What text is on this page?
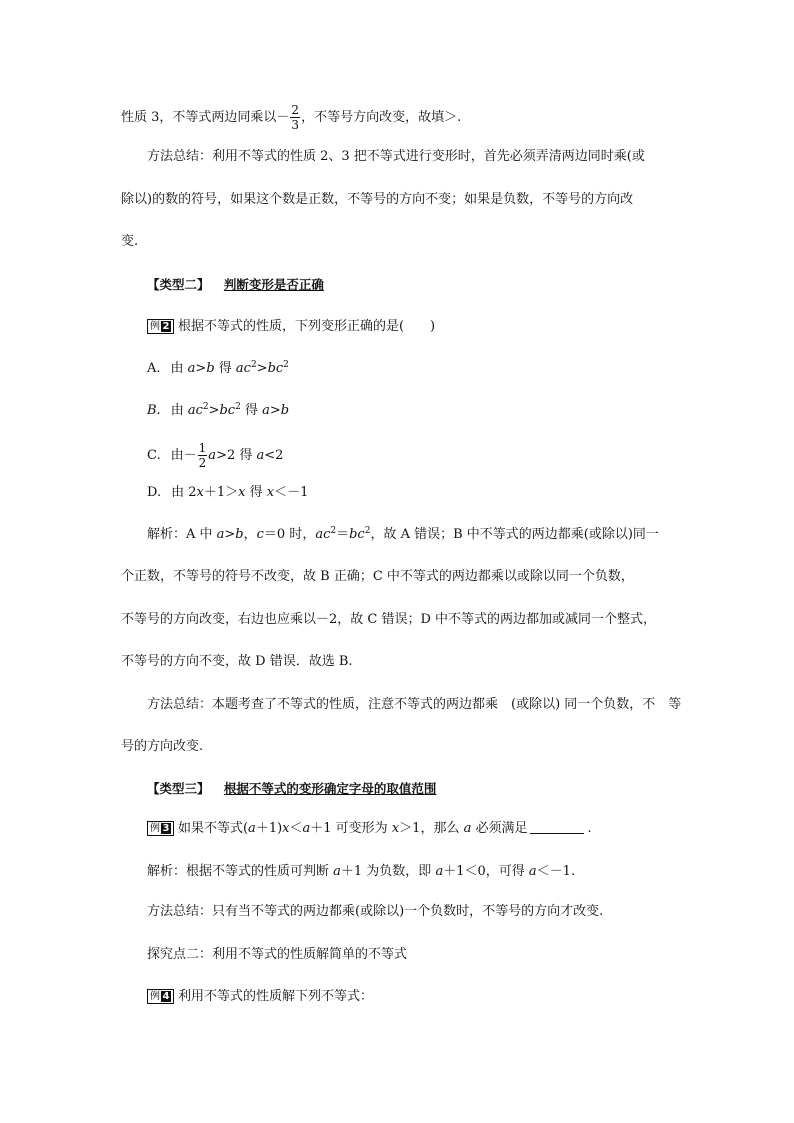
性质 3，不等式两边同乘以－ $\frac{2}{3}$ ，不等号方向改变，故填＞.
方法总结：利用不等式的性质 2、3 把不等式进行变形时，首先必须弄清两边同时乘(或
除以)的数的符号，如果这个数是正数，不等号的方向不变；如果是负数，不等号的方向改
变.
【类型二】 判断变形是否正确
例 2 根据不等式的性质，下列变形正确的是(　　)
A. 由 a>b 得 $ac^2>bc^2$
B. 由 $ac^2>bc^2$ 得 a>b
C. 由－ $\frac{1}{2} a>2$ 得 a<2
D. 由 2x＋1＞x 得 x＜－1
解析：A 中 a>b，c＝0 时，$ac^2=bc^2$，故 A 错误；B 中不等式的两边都乘(或除以)同一
个正数，不等号的符号不改变，故 B 正确；C 中不等式的两边都乘以或除以同一个负数，
不等号的方向改变，右边也应乘以－2，故 C 错误；D 中不等式的两边都加或减同一个整式，
不等号的方向不变，故 D 错误．故选 B.
方法总结：本题考查了不等式的性质，注意不等式的两边都乘　(或除以) 同一个负数，不　等
号的方向改变.
【类型三】 根据不等式的变形确定字母的取值范围
例 3 如果不等式(a＋1)x＜a＋1 可变形为 x＞1，那么 a 必须满足	.
解析：根据不等式的性质可判断 a＋1 为负数，即 a＋1＜0，可得 a＜－1.
方法总结：只有当不等式的两边都乘(或除以)一个负数时，不等号的方向才改变.
探究点二：利用不等式的性质解简单的不等式
例 4 利用不等式的性质解下列不等式：
